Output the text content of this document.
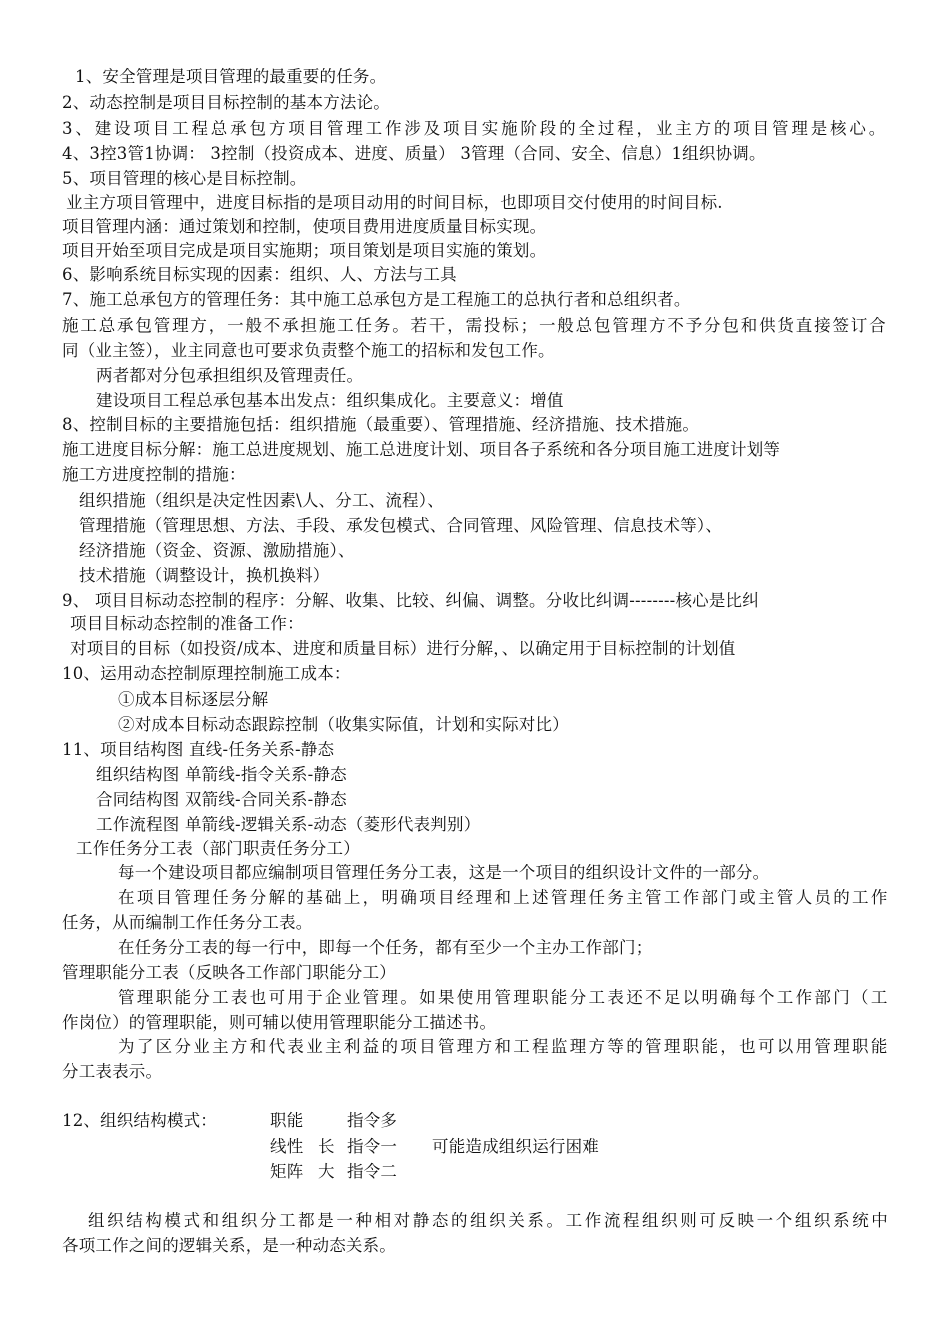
1、安全管理是项目管理的最重要的任务。
2、动态控制是项目目标控制的基本方法论。
3、建设项目工程总承包方项目管理工作涉及项目实施阶段的全过程，业主方的项目管理是核心。
4、3控3管1协调： 3控制（投资成本、进度、质量） 3管理（合同、安全、信息）1组织协调。
5、项目管理的核心是目标控制。
业主方项目管理中，进度目标指的是项目动用的时间目标，也即项目交付使用的时间目标.
项目管理内涵：通过策划和控制，使项目费用进度质量目标实现。
项目开始至项目完成是项目实施期；项目策划是项目实施的策划。
6、影响系统目标实现的因素：组织、人、方法与工具
7、施工总承包方的管理任务：其中施工总承包方是工程施工的总执行者和总组织者。
施工总承包管理方，一般不承担施工任务。若干，需投标；一般总包管理方不予分包和供货直接签订合
同（业主签），业主同意也可要求负责整个施工的招标和发包工作。
两者都对分包承担组织及管理责任。
建设项目工程总承包基本出发点：组织集成化。主要意义：增值
8、控制目标的主要措施包括：组织措施（最重要）、管理措施、经济措施、技术措施。
施工进度目标分解：施工总进度规划、施工总进度计划、项目各子系统和各分项目施工进度计划等
施工方进度控制的措施：
组织措施（组织是决定性因素\人、分工、流程）、
管理措施（管理思想、方法、手段、承发包模式、合同管理、风险管理、信息技术等）、
经济措施（资金、资源、激励措施）、
技术措施（调整设计，换机换料）
9、 项目目标动态控制的程序：分解、收集、比较、纠偏、调整。分收比纠调--------核心是比纠
项目目标动态控制的准备工作：
对项目的目标（如投资/成本、进度和质量目标）进行分解，、以确定用于目标控制的计划值
10、运用动态控制原理控制施工成本：
①成本目标逐层分解
②对成本目标动态跟踪控制（收集实际值，计划和实际对比）
11、项目结构图 直线-任务关系-静态
组织结构图 单箭线-指令关系-静态
合同结构图 双箭线-合同关系-静态
工作流程图 单箭线-逻辑关系-动态（菱形代表判别）
工作任务分工表（部门职责任务分工）
每一个建设项目都应编制项目管理任务分工表，这是一个项目的组织设计文件的一部分。
在项目管理任务分解的基础上，明确项目经理和上述管理任务主管工作部门或主管人员的工作
任务，从而编制工作任务分工表。
在任务分工表的每一行中，即每一个任务，都有至少一个主办工作部门；
管理职能分工表（反映各工作部门职能分工）
管理职能分工表也可用于企业管理。如果使用管理职能分工表还不足以明确每个工作部门（工
作岗位）的管理职能，则可辅以使用管理职能分工描述书。
为了区分业主方和代表业主利益的项目管理方和工程监理方等的管理职能，也可以用管理职能
分工表表示。
12、组织结构模式：	职能	指令多
线性 长 指令一 可能造成组织运行困难
矩阵 大 指令二
组织结构模式和组织分工都是一种相对静态的组织关系。工作流程组织则可反映一个组织系统中
各项工作之间的逻辑关系，是一种动态关系。
